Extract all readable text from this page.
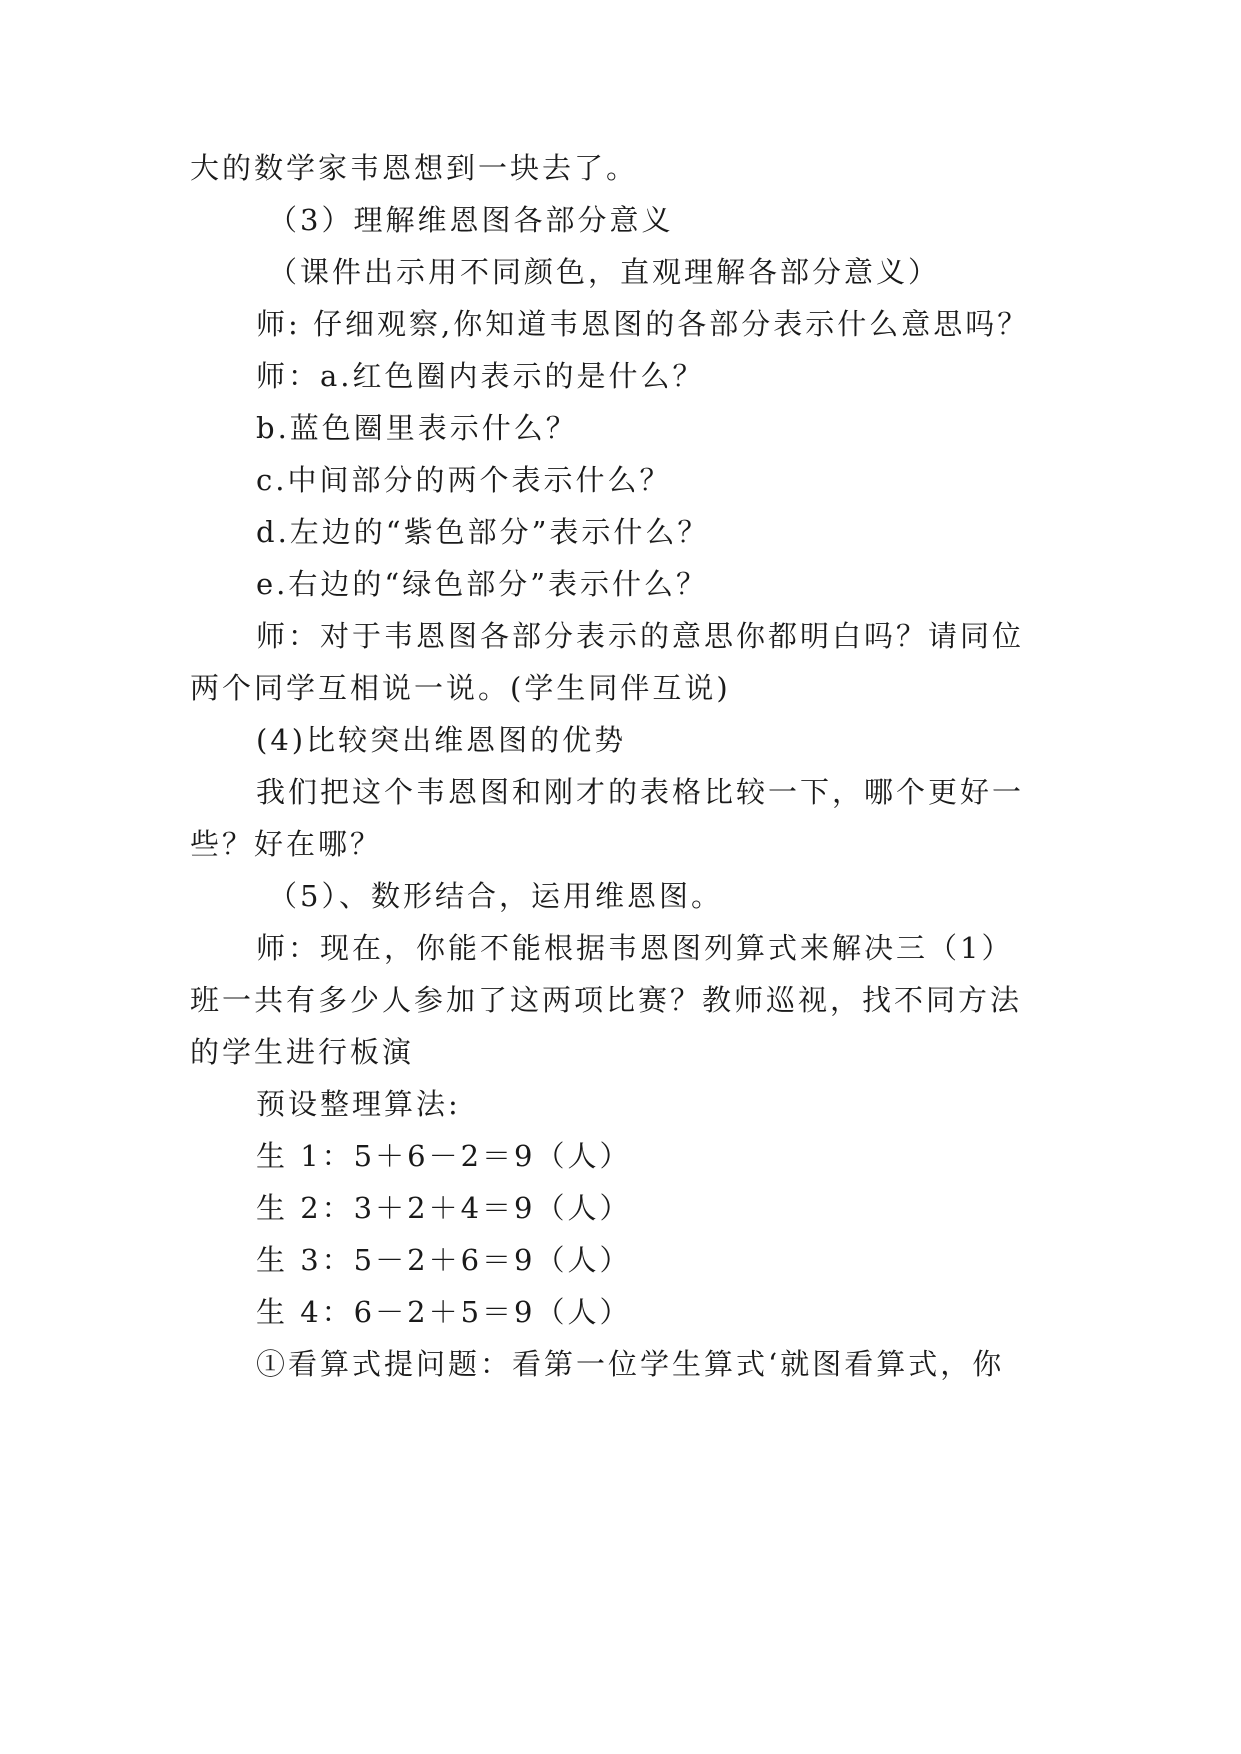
大的数学家韦恩想到一块去了。
（3）理解维恩图各部分意义
（课件出示用不同颜色，直观理解各部分意义）
师: 仔细观察,你知道韦恩图的各部分表示什么意思吗？
师：a.红色圈内表示的是什么？
b.蓝色圈里表示什么？
c.中间部分的两个表示什么？
d.左边的“紫色部分”表示什么？
e.右边的“绿色部分”表示什么？
师：对于韦恩图各部分表示的意思你都明白吗？请同位
两个同学互相说一说。(学生同伴互说)
(4)比较突出维恩图的优势
我们把这个韦恩图和刚才的表格比较一下，哪个更好一
些？好在哪？
（5）、数形结合，运用维恩图。
师：现在，你能不能根据韦恩图列算式来解决三（1）
班一共有多少人参加了这两项比赛？教师巡视，找不同方法
的学生进行板演
预设整理算法:
生 1：5＋6－2＝9（人）
生 2：3＋2＋4＝9（人）
生 3：5－2＋6＝9（人）
生 4：6－2＋5＝9（人）
①看算式提问题：看第一位学生算式‘就图看算式，你
